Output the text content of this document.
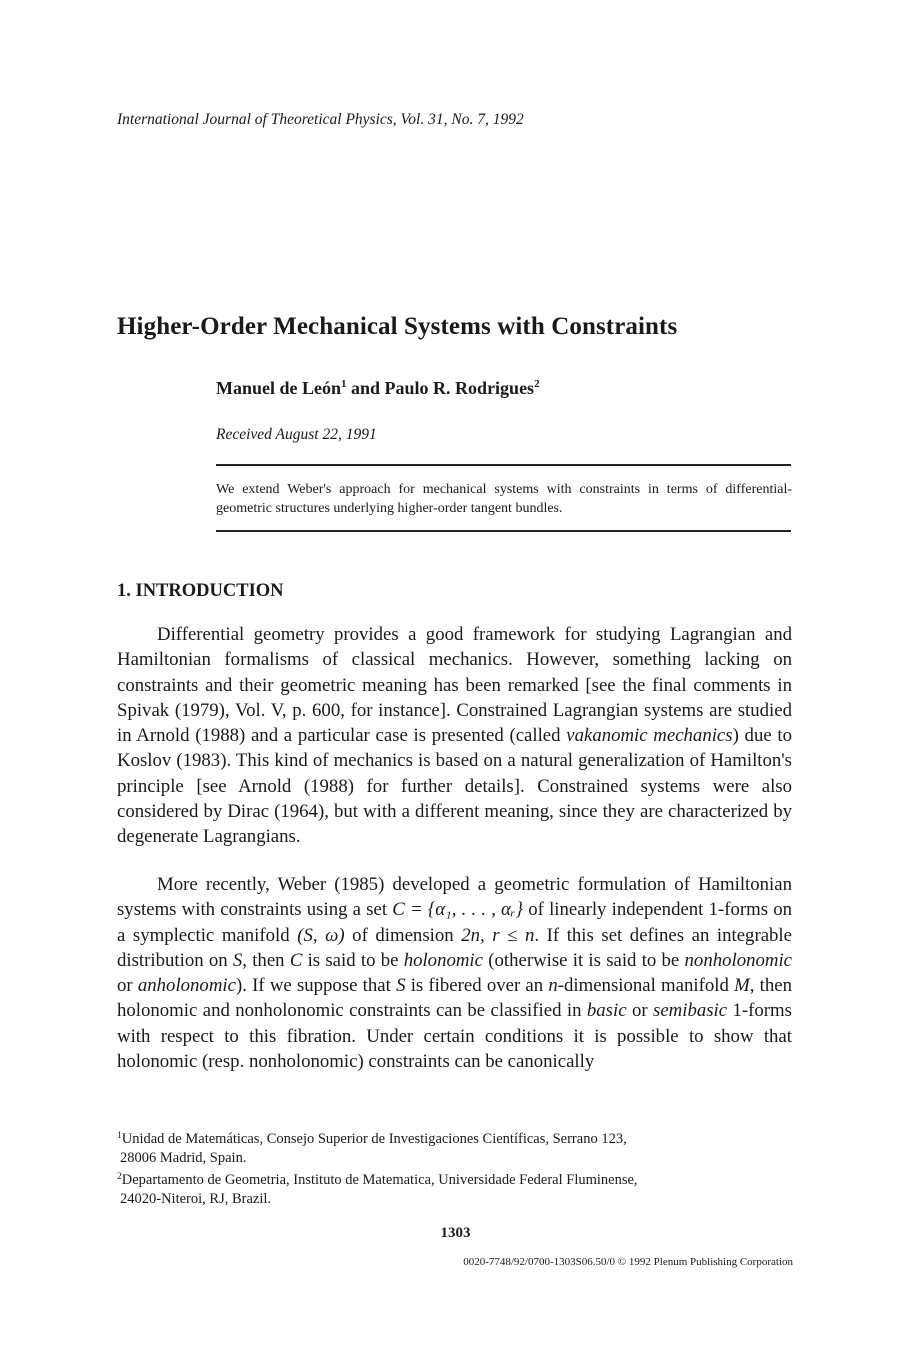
International Journal of Theoretical Physics, Vol. 31, No. 7, 1992
Higher-Order Mechanical Systems with Constraints
Manuel de León$^1$ and Paulo R. Rodrigues$^2$
Received August 22, 1991
We extend Weber's approach for mechanical systems with constraints in terms of differential-geometric structures underlying higher-order tangent bundles.
1. INTRODUCTION

Differential geometry provides a good framework for studying Lagrangian and Hamiltonian formalisms of classical mechanics. However, something lacking on constraints and their geometric meaning has been remarked [see the final comments in Spivak (1979), Vol. V, p. 600, for instance]. Constrained Lagrangian systems are studied in Arnold (1988) and a particular case is presented (called vakanomic mechanics) due to Koslov (1983). This kind of mechanics is based on a natural generalization of Hamilton's principle [see Arnold (1988) for further details]. Constrained systems were also considered by Dirac (1964), but with a different meaning, since they are characterized by degenerate Lagrangians.

More recently, Weber (1985) developed a geometric formulation of Hamiltonian systems with constraints using a set C = {α₁, . . . , αᵣ} of linearly independent 1-forms on a symplectic manifold (S, ω) of dimension 2n, r ≤ n. If this set defines an integrable distribution on S, then C is said to be holonomic (otherwise it is said to be nonholonomic or anholonomic). If we suppose that S is fibered over an n-dimensional manifold M, then holonomic and nonholonomic constraints can be classified in basic or semibasic 1-forms with respect to this fibration. Under certain conditions it is possible to show that holonomic (resp. nonholonomic) constraints can be canonically

$^1$Unidad de Matemáticas, Consejo Superior de Investigaciones Científicas, Serrano 123,
28006 Madrid, Spain.
$^2$Departamento de Geometria, Instituto de Matematica, Universidade Federal Fluminense,
24020-Niteroi, RJ, Brazil.
1303
0020-7748/92/0700-1303S06.50/0 © 1992 Plenum Publishing Corporation
